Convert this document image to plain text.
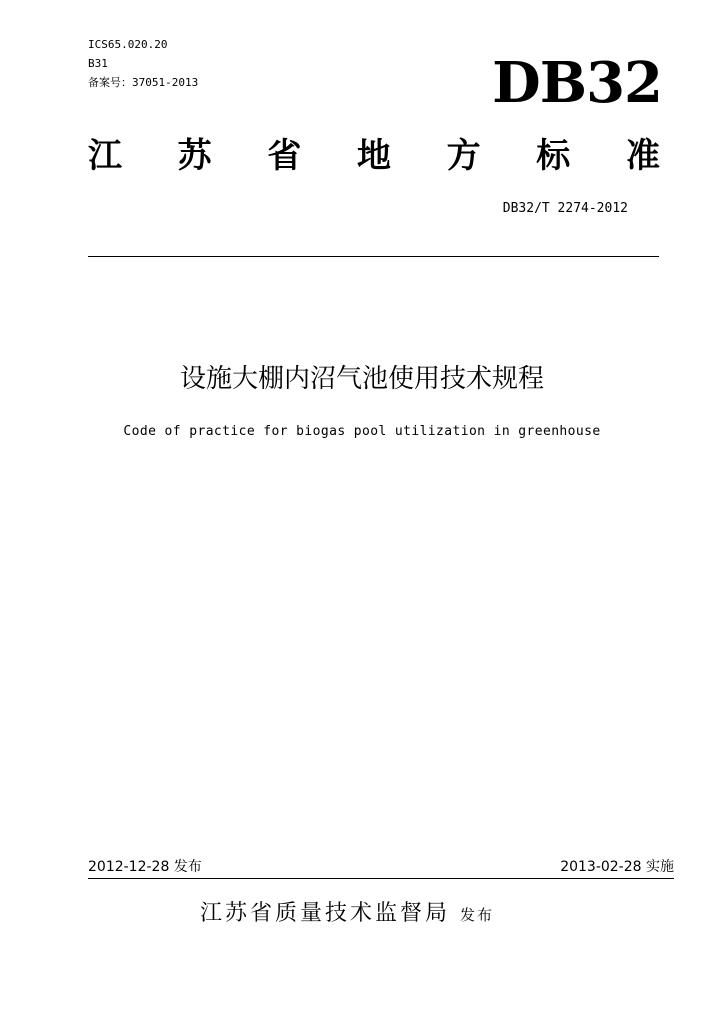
ICS65.020.20
B31
备案号：37051-2013	DB32
江 苏 省 地 方 标 准
DB32/T 2274-2012
设施大棚内沼气池使用技术规程
Code of practice for biogas pool utilization in greenhouse
2012-12-28 发布	2013-02-28 实施
江苏省质量技术监督局 发布
